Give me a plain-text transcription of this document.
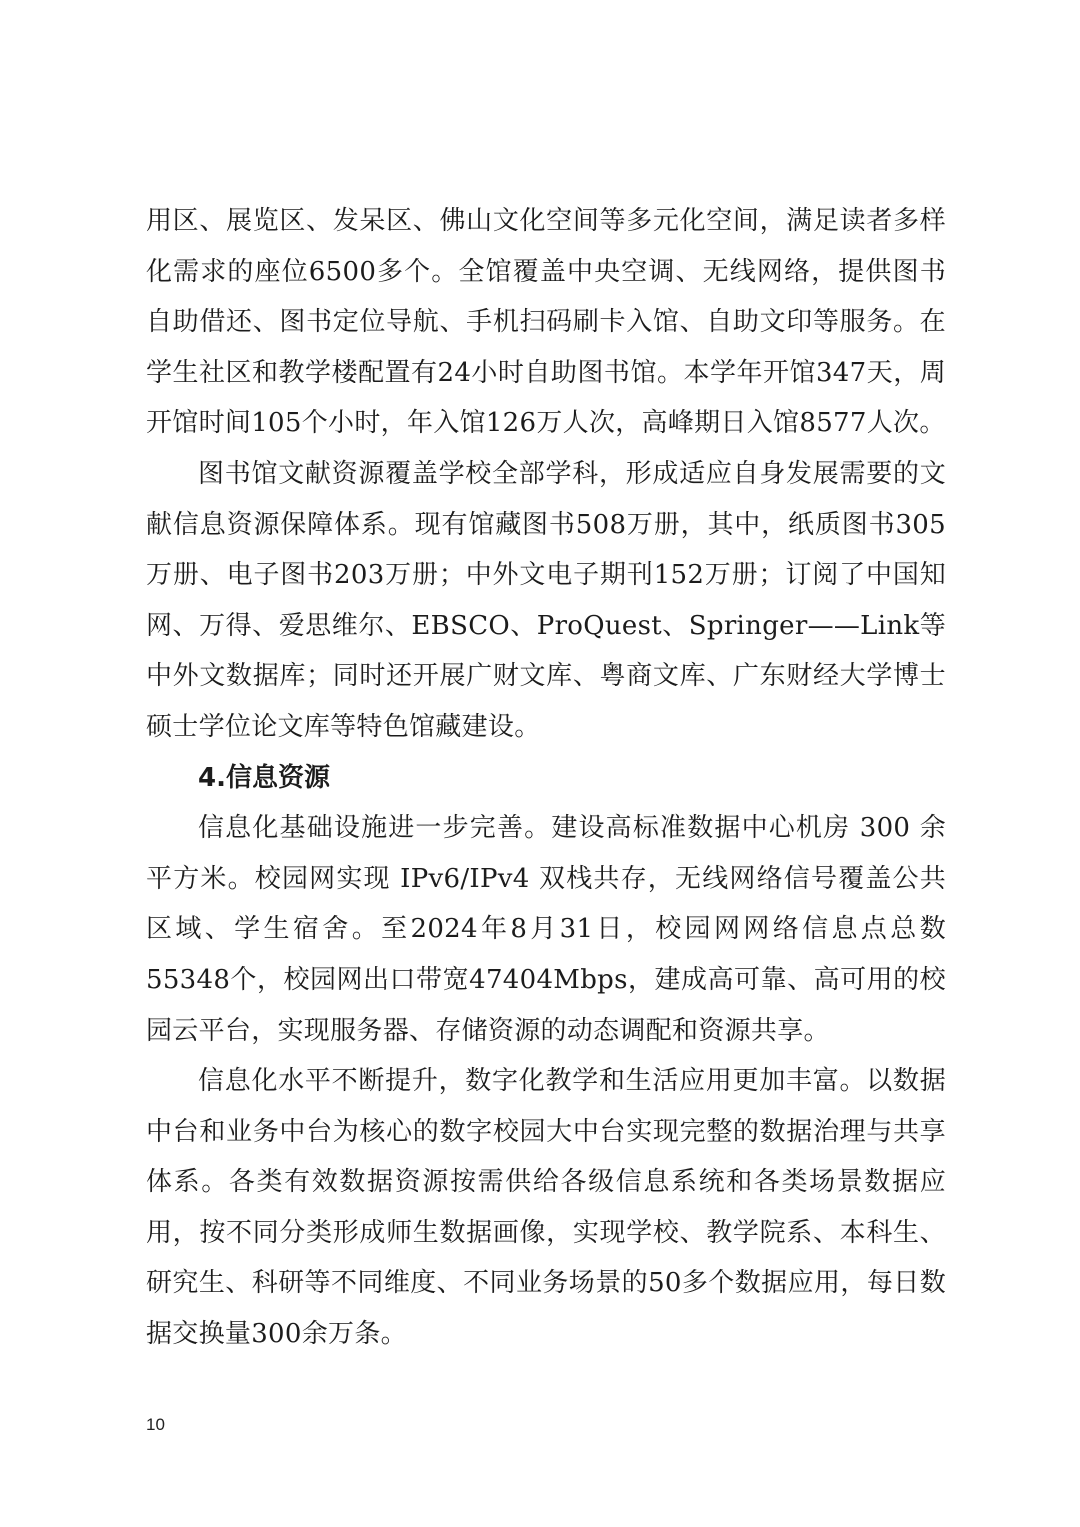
用区、展览区、发呆区、佛山文化空间等多元化空间，满足读者多样化需求的座位6500多个。全馆覆盖中央空调、无线网络，提供图书自助借还、图书定位导航、手机扫码刷卡入馆、自助文印等服务。在学生社区和教学楼配置有24小时自助图书馆。本学年开馆347天，周开馆时间105个小时，年入馆126万人次，高峰期日入馆8577人次。

图书馆文献资源覆盖学校全部学科，形成适应自身发展需要的文献信息资源保障体系。现有馆藏图书508万册，其中，纸质图书305万册、电子图书203万册；中外文电子期刊152万册；订阅了中国知网、万得、爱思维尔、EBSCO、ProQuest、Springer——Link等中外文数据库；同时还开展广财文库、粤商文库、广东财经大学博士硕士学位论文库等特色馆藏建设。

4.信息资源

信息化基础设施进一步完善。建设高标准数据中心机房 300 余平方米。校园网实现 IPv6/IPv4 双栈共存，无线网络信号覆盖公共区域、学生宿舍。至2024年8月31日，校园网网络信息点总数55348个，校园网出口带宽47404Mbps，建成高可靠、高可用的校园云平台，实现服务器、存储资源的动态调配和资源共享。

信息化水平不断提升，数字化教学和生活应用更加丰富。以数据中台和业务中台为核心的数字校园大中台实现完整的数据治理与共享体系。各类有效数据资源按需供给各级信息系统和各类场景数据应用，按不同分类形成师生数据画像，实现学校、教学院系、本科生、研究生、科研等不同维度、不同业务场景的50多个数据应用，每日数据交换量300余万条。

10
